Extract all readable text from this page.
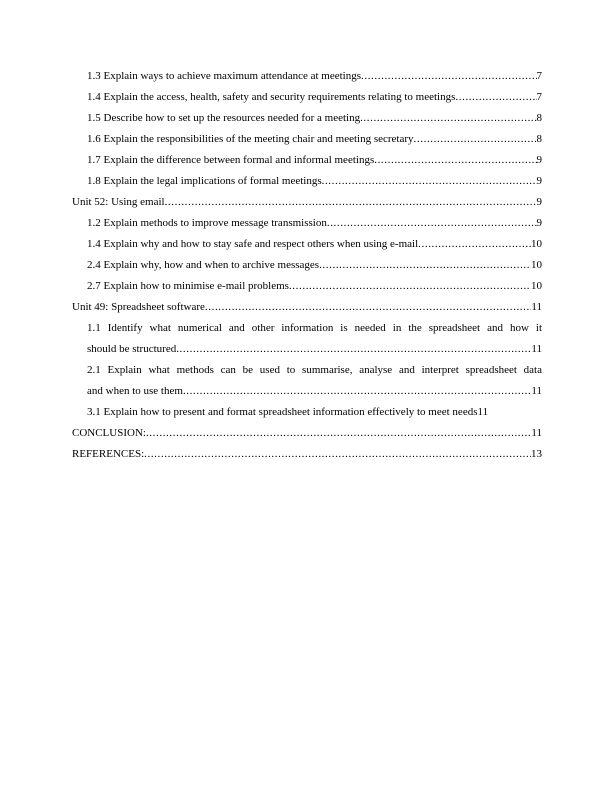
1.3 Explain ways to achieve maximum attendance at meetings .....	7
1.4 Explain the access, health, safety and security requirements relating to meetings .....	7
1.5 Describe how to set up the resources needed for a meeting .....	8
1.6 Explain the responsibilities of the meeting chair and meeting secretary .....	8
1.7 Explain the difference between formal and informal meetings .....	9
1.8 Explain the legal implications of formal meetings .....	9
Unit 52: Using email .....	9
1.2 Explain methods to improve message transmission .....	9
1.4 Explain why and how to stay safe and respect others when using e-mail .....	10
2.4 Explain why, how and when to archive messages .....	10
2.7 Explain how to minimise e-mail problems .....	10
Unit 49: Spreadsheet software .....	11
1.1 Identify what numerical and other information is needed in the spreadsheet and how it
should be structured .....	11
2.1 Explain what methods can be used to summarise, analyse and interpret spreadsheet data
and when to use them .....	11
3.1 Explain how to present and format spreadsheet information effectively to meet needs 11
CONCLUSION: .....	11
REFERENCES: .....	13
